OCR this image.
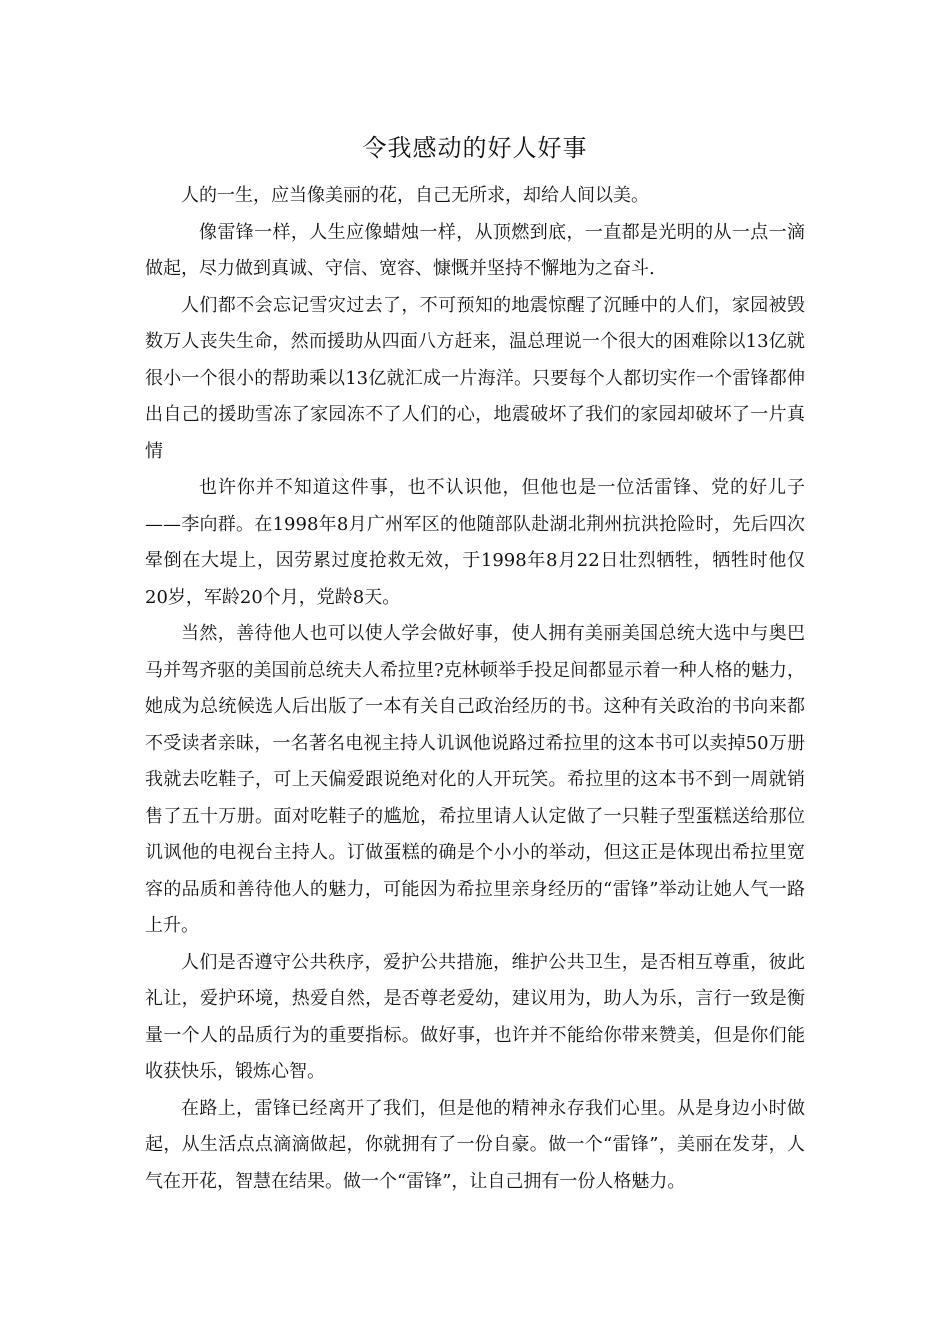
令我感动的好人好事

人的一生，应当像美丽的花，自己无所求，却给人间以美。

像雷锋一样，人生应像蜡烛一样，从顶燃到底，一直都是光明的从一点一滴做起，尽力做到真诚、守信、宽容、慷慨并坚持不懈地为之奋斗.

人们都不会忘记雪灾过去了，不可预知的地震惊醒了沉睡中的人们，家园被毁数万人丧失生命，然而援助从四面八方赶来，温总理说一个很大的困难除以13亿就很小一个很小的帮助乘以13亿就汇成一片海洋。只要每个人都切实作一个雷锋都伸出自己的援助雪冻了家园冻不了人们的心，地震破坏了我们的家园却破坏了一片真情

也许你并不知道这件事，也不认识他，但他也是一位活雷锋、党的好儿子——李向群。在1998年8月广州军区的他随部队赴湖北荆州抗洪抢险时，先后四次晕倒在大堤上，因劳累过度抢救无效，于1998年8月22日壮烈牺牲，牺牲时他仅20岁，军龄20个月，党龄8天。

当然，善待他人也可以使人学会做好事，使人拥有美丽美国总统大选中与奥巴马并驾齐驱的美国前总统夫人希拉里?克林顿举手投足间都显示着一种人格的魅力，她成为总统候选人后出版了一本有关自己政治经历的书。这种有关政治的书向来都不受读者亲昧，一名著名电视主持人讥讽他说路过希拉里的这本书可以卖掉50万册我就去吃鞋子，可上天偏爱跟说绝对化的人开玩笑。希拉里的这本书不到一周就销售了五十万册。面对吃鞋子的尴尬，希拉里请人认定做了一只鞋子型蛋糕送给那位讥讽他的电视台主持人。订做蛋糕的确是个小小的举动，但这正是体现出希拉里宽容的品质和善待他人的魅力，可能因为希拉里亲身经历的“雷锋”举动让她人气一路上升。

人们是否遵守公共秩序，爱护公共措施，维护公共卫生，是否相互尊重，彼此礼让，爱护环境，热爱自然，是否尊老爱幼，建议用为，助人为乐，言行一致是衡量一个人的品质行为的重要指标。做好事，也许并不能给你带来赞美，但是你们能收获快乐，锻炼心智。

在路上，雷锋已经离开了我们，但是他的精神永存我们心里。从是身边小时做起，从生活点点滴滴做起，你就拥有了一份自豪。做一个“雷锋”，美丽在发芽，人气在开花，智慧在结果。做一个“雷锋”，让自己拥有一份人格魅力。
